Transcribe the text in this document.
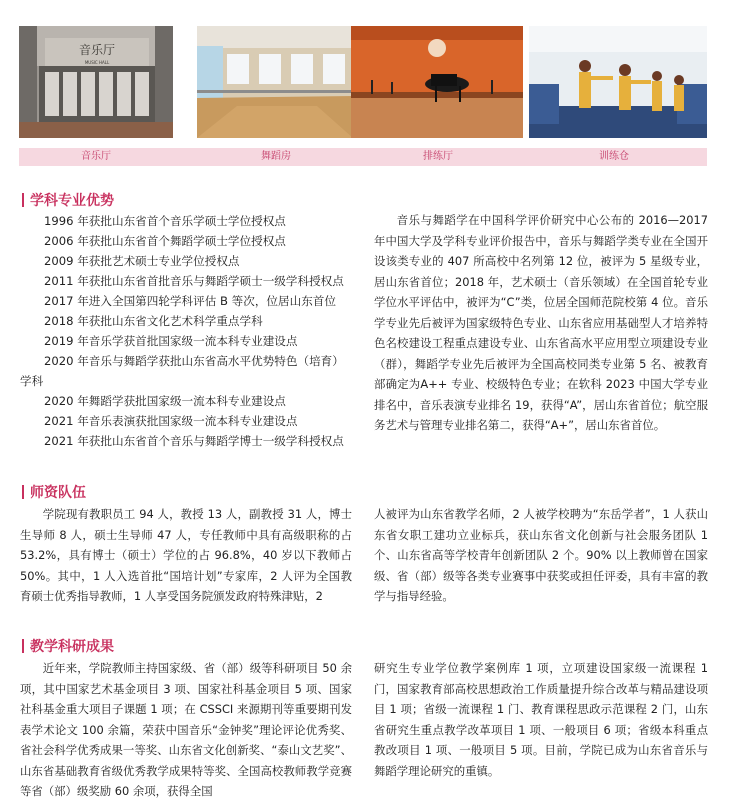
音乐厅
MUSIC HALL
音乐厅	舞蹈房	排练厅	训练仓
学科专业优势
1996 年获批山东省首个音乐学硕士学位授权点
2006 年获批山东省首个舞蹈学硕士学位授权点
2009 年获批艺术硕士专业学位授权点
2011 年获批山东省首批音乐与舞蹈学硕士一级学科授权点
2017 年进入全国第四轮学科评估 B 等次，位居山东首位
2018 年获批山东省文化艺术科学重点学科
2019 年音乐学获首批国家级一流本科专业建设点
2020 年音乐与舞蹈学获批山东省高水平优势特色（培育）
学科
2020 年舞蹈学获批国家级一流本科专业建设点
2021 年音乐表演获批国家级一流本科专业建设点
2021 年获批山东省首个音乐与舞蹈学博士一级学科授权点
音乐与舞蹈学在中国科学评价研究中心公布的 2016—2017 年中国大学及学科专业评价报告中，音乐与舞蹈学类专业在全国开设该类专业的 407 所高校中名列第 12 位，被评为 5 星级专业，居山东省首位；2018 年，艺术硕士（音乐领域）在全国首轮专业学位水平评估中，被评为“C”类，位居全国师范院校第 4 位。音乐学专业先后被评为国家级特色专业、山东省应用基础型人才培养特色名校建设工程重点建设专业、山东省高水平应用型立项建设专业（群），舞蹈学专业先后被评为全国高校同类专业第 5 名、被教育部确定为A++ 专业、校级特色专业；在软科 2023 中国大学专业排名中，音乐表演专业排名 19，获得“A”，居山东省首位；航空服务艺术与管理专业排名第二，获得“A+”，居山东省首位。
师资队伍
学院现有教职员工 94 人，教授 13 人，副教授 31 人，博士生导师 8 人，硕士生导师 47 人，专任教师中具有高级职称的占 53.2%，具有博士（硕士）学位的占 96.8%，40 岁以下教师占 50%。其中，1 人入选首批“国培计划”专家库，2 人评为全国教育硕士优秀指导教师，1 人享受国务院颁发政府特殊津贴，2
人被评为山东省教学名师，2 人被学校聘为“东岳学者”，1 人获山东省女职工建功立业标兵，获山东省文化创新与社会服务团队 1 个、山东省高等学校青年创新团队 2 个。90% 以上教师曾在国家级、省（部）级等各类专业赛事中获奖或担任评委，具有丰富的教学与指导经验。
教学科研成果
近年来，学院教师主持国家级、省（部）级等科研项目 50 余项，其中国家艺术基金项目 3 项、国家社科基金项目 5 项、国家社科基金重大项目子课题 1 项；在 CSSCI 来源期刊等重要期刊发表学术论文 100 余篇，荣获中国音乐“金钟奖”理论评论优秀奖、省社会科学优秀成果一等奖、山东省文化创新奖、“泰山文艺奖”、山东省基础教育省级优秀教学成果特等奖、全国高校教师教学竞赛等省（部）级奖励 60 余项，获得全国
研究生专业学位教学案例库 1 项，立项建设国家级一流课程 1 门，国家教育部高校思想政治工作质量提升综合改革与精品建设项目 1 项；省级一流课程 1 门、教育课程思政示范课程 2 门，山东省研究生重点教学改革项目 1 项、一般项目 6 项；省级本科重点教改项目 1 项、一般项目 5 项。目前，学院已成为山东省音乐与舞蹈学理论研究的重镇。
